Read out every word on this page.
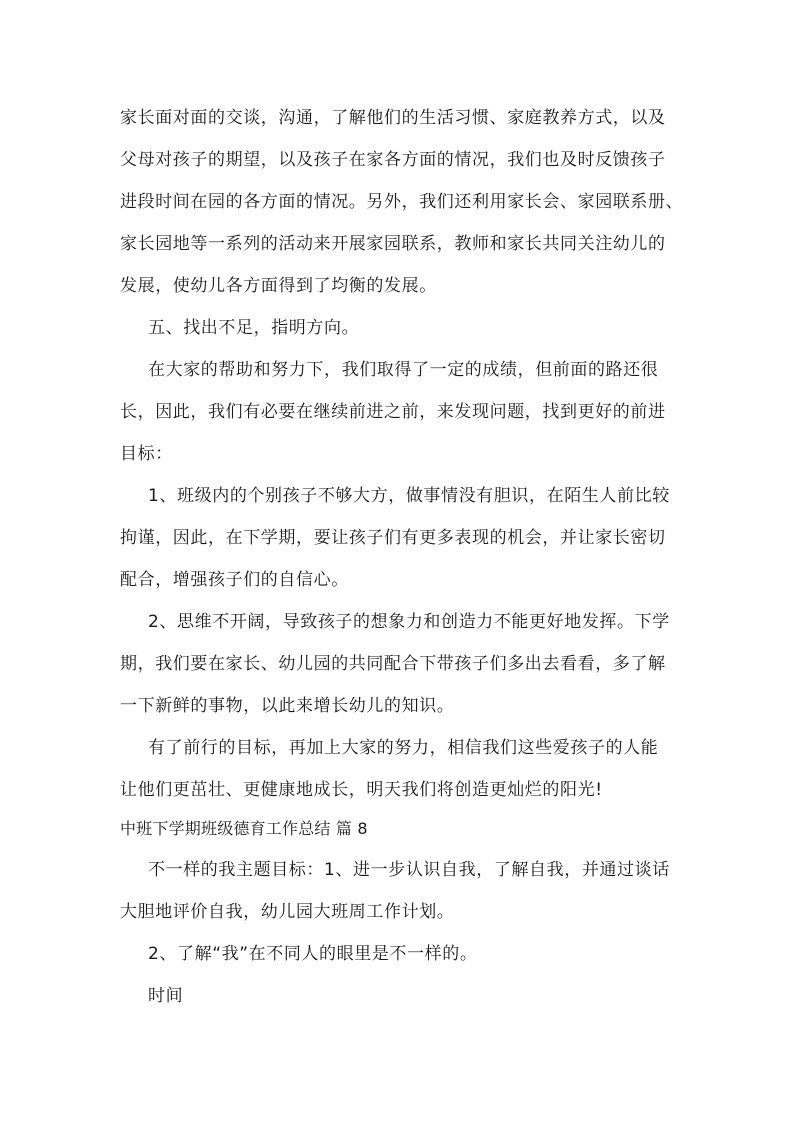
家长面对面的交谈，沟通，了解他们的生活习惯、家庭教养方式，以及
父母对孩子的期望，以及孩子在家各方面的情况，我们也及时反馈孩子
进段时间在园的各方面的情况。另外，我们还利用家长会、家园联系册、
家长园地等一系列的活动来开展家园联系，教师和家长共同关注幼儿的
发展，使幼儿各方面得到了均衡的发展。
五、找出不足，指明方向。
在大家的帮助和努力下，我们取得了一定的成绩，但前面的路还很
长，因此，我们有必要在继续前进之前，来发现问题，找到更好的前进
目标：
1、班级内的个别孩子不够大方，做事情没有胆识，在陌生人前比较
拘谨，因此，在下学期，要让孩子们有更多表现的机会，并让家长密切
配合，增强孩子们的自信心。
2、思维不开阔，导致孩子的想象力和创造力不能更好地发挥。下学
期，我们要在家长、幼儿园的共同配合下带孩子们多出去看看，多了解
一下新鲜的事物，以此来增长幼儿的知识。
有了前行的目标，再加上大家的努力，相信我们这些爱孩子的人能
让他们更茁壮、更健康地成长，明天我们将创造更灿烂的阳光!
中班下学期班级德育工作总结 篇 8
不一样的我主题目标：1、进一步认识自我，了解自我，并通过谈话
大胆地评价自我，幼儿园大班周工作计划。
2、了解“我”在不同人的眼里是不一样的。
时间
